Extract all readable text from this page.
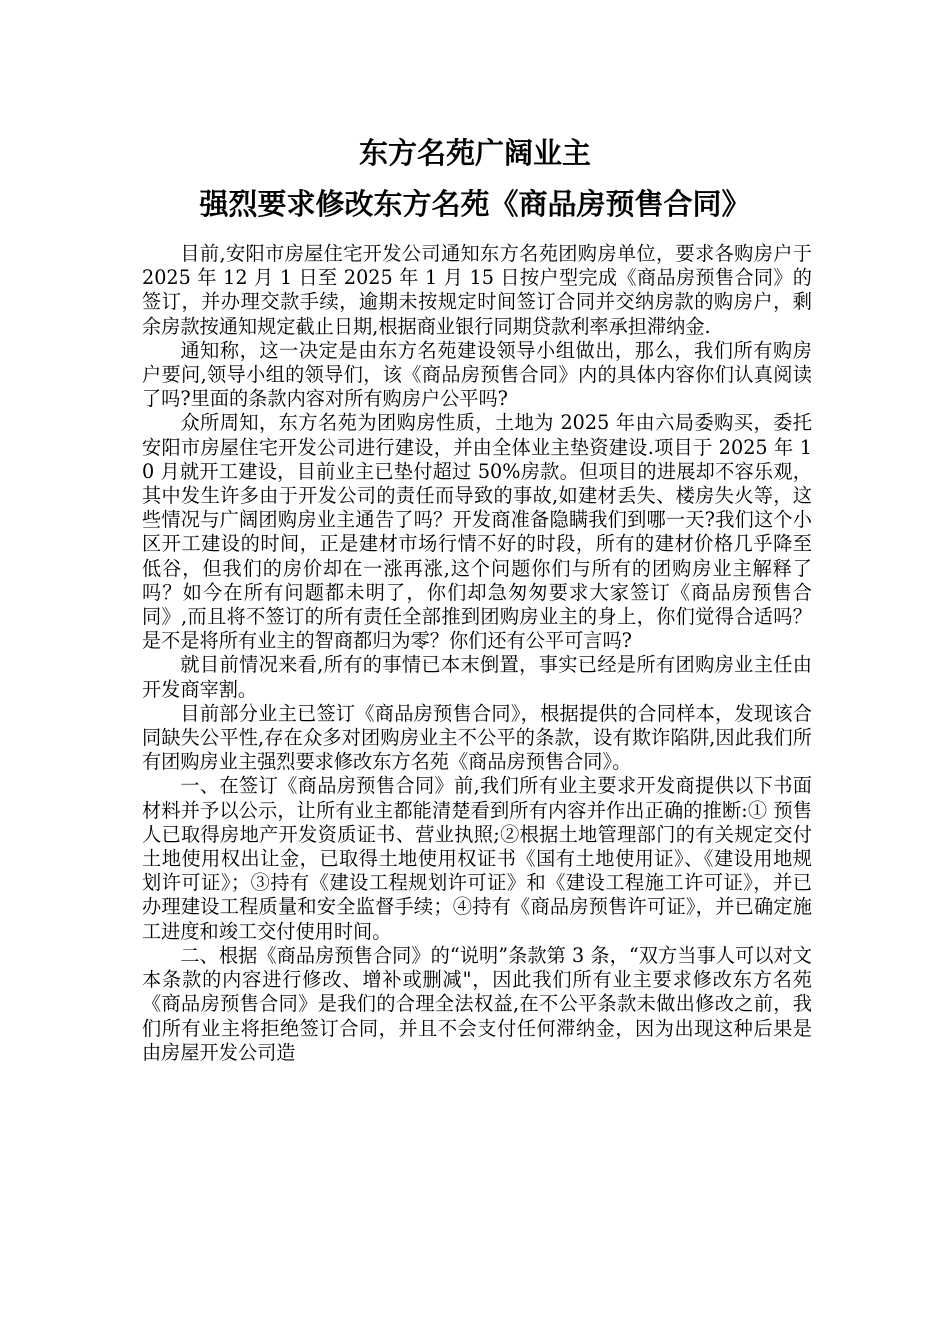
东方名苑广阔业主
强烈要求修改东方名苑《商品房预售合同》

目前,安阳市房屋住宅开发公司通知东方名苑团购房单位，要求各购房户于 2025 年 12 月 1 日至 2025 年 1 月 15 日按户型完成《商品房预售合同》的签订，并办理交款手续，逾期未按规定时间签订合同并交纳房款的购房户，剩余房款按通知规定截止日期,根据商业银行同期贷款利率承担滞纳金.

通知称，这一决定是由东方名苑建设领导小组做出，那么，我们所有购房户要问,领导小组的领导们，该《商品房预售合同》内的具体内容你们认真阅读了吗?里面的条款内容对所有购房户公平吗?

众所周知，东方名苑为团购房性质，土地为 2025 年由六局委购买，委托安阳市房屋住宅开发公司进行建设，并由全体业主垫资建设.项目于 2025 年 10 月就开工建设，目前业主已垫付超过 50%房款。但项目的进展却不容乐观，其中发生许多由于开发公司的责任而导致的事故,如建材丢失、楼房失火等，这些情况与广阔团购房业主通告了吗？开发商准备隐瞒我们到哪一天?我们这个小区开工建设的时间，正是建材市场行情不好的时段，所有的建材价格几乎降至低谷，但我们的房价却在一涨再涨,这个问题你们与所有的团购房业主解释了吗？如今在所有问题都未明了，你们却急匆匆要求大家签订《商品房预售合同》,而且将不签订的所有责任全部推到团购房业主的身上，你们觉得合适吗？是不是将所有业主的智商都归为零？你们还有公平可言吗?

就目前情况来看,所有的事情已本末倒置，事实已经是所有团购房业主任由开发商宰割。

目前部分业主已签订《商品房预售合同》，根据提供的合同样本，发现该合同缺失公平性,存在众多对团购房业主不公平的条款，设有欺诈陷阱,因此我们所有团购房业主强烈要求修改东方名苑《商品房预售合同》。

一、在签订《商品房预售合同》前,我们所有业主要求开发商提供以下书面材料并予以公示，让所有业主都能清楚看到所有内容并作出正确的推断:① 预售人已取得房地产开发资质证书、营业执照;②根据土地管理部门的有关规定交付土地使用权出让金，已取得土地使用权证书《国有土地使用证》、《建设用地规划许可证》；③持有《建设工程规划许可证》和《建设工程施工许可证》，并已办理建设工程质量和安全监督手续；④持有《商品房预售许可证》，并已确定施工进度和竣工交付使用时间。

二、根据《商品房预售合同》的“说明”条款第 3 条，“双方当事人可以对文本条款的内容进行修改、增补或删减"，因此我们所有业主要求修改东方名苑《商品房预售合同》是我们的合理全法权益,在不公平条款未做出修改之前，我们所有业主将拒绝签订合同，并且不会支付任何滞纳金，因为出现这种后果是由房屋开发公司造
